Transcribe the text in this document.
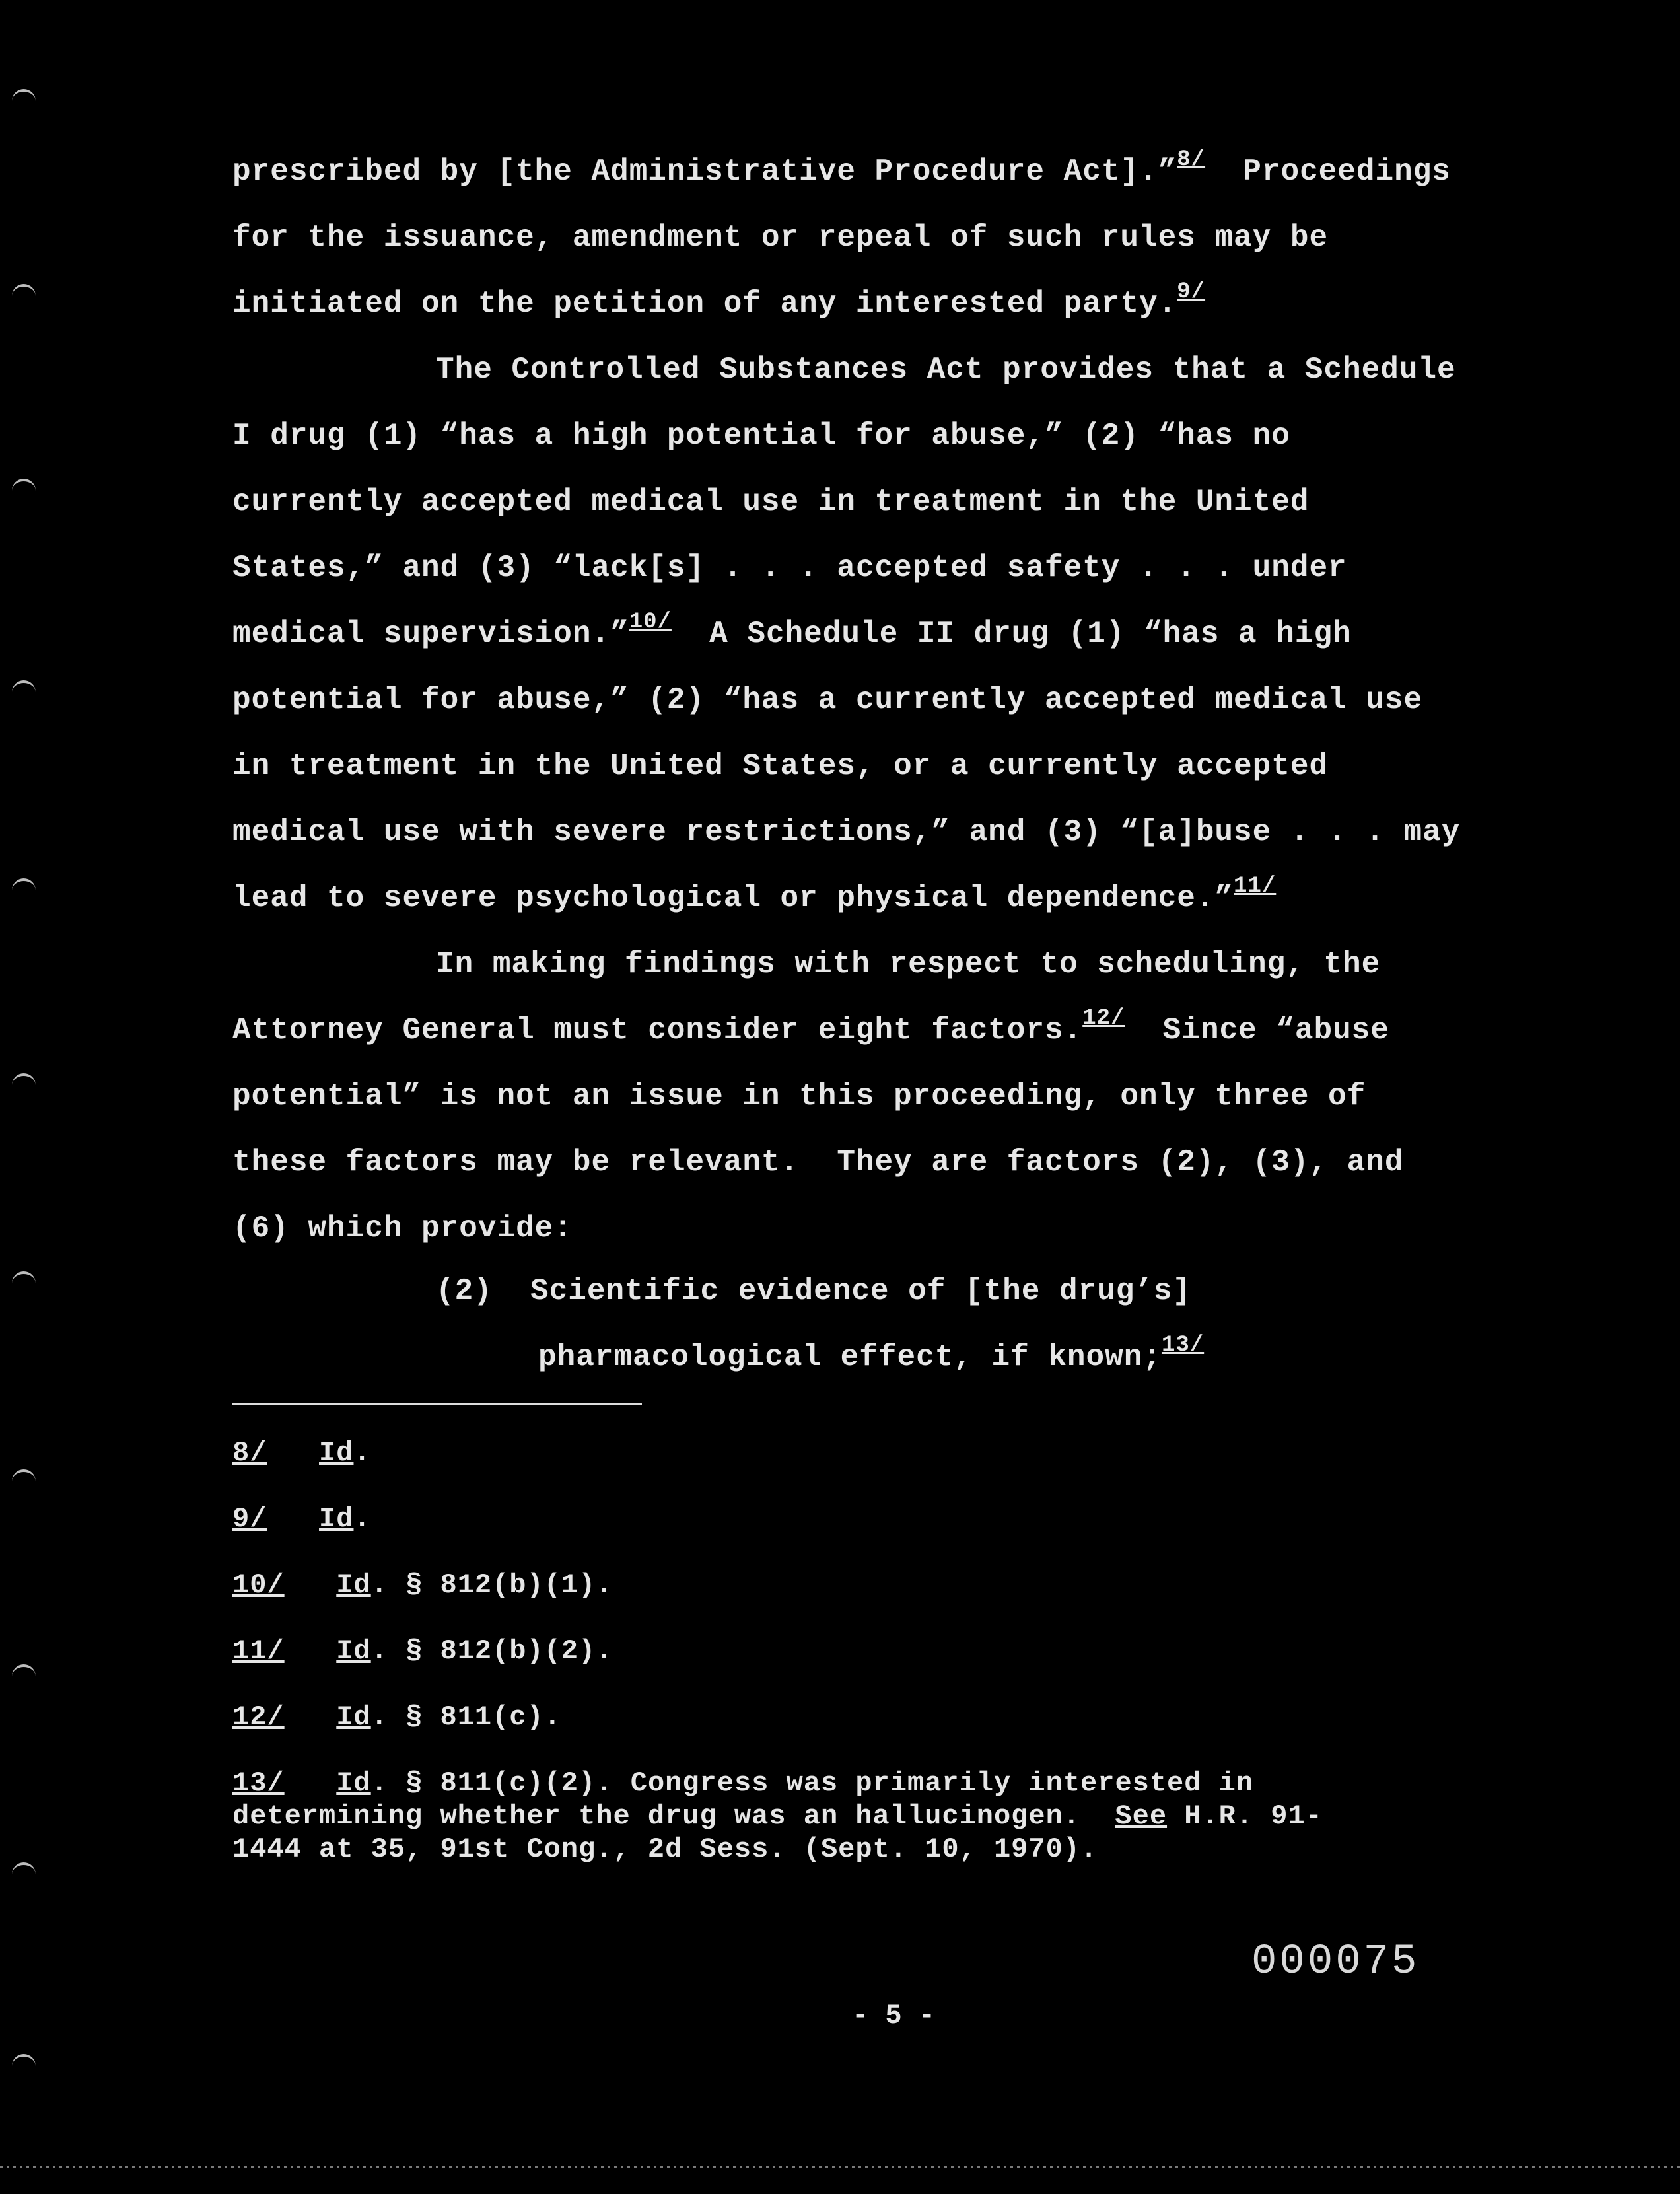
prescribed by [the Administrative Procedure Act].”$^{8/}$  Proceedings
for the issuance, amendment or repeal of such rules may be
initiated on the petition of any interested party.$^{9/}$
The Controlled Substances Act provides that a Schedule
I drug (1) “has a high potential for abuse,” (2) “has no
currently accepted medical use in treatment in the United
States,” and (3) “lack[s] . . . accepted safety . . . under
medical supervision.”$^{10/}$  A Schedule II drug (1) “has a high
potential for abuse,” (2) “has a currently accepted medical use
in treatment in the United States, or a currently accepted
medical use with severe restrictions,” and (3) “[a]buse . . . may
lead to severe psychological or physical dependence.”$^{11/}$
In making findings with respect to scheduling, the
Attorney General must consider eight factors.$^{12/}$  Since “abuse
potential” is not an issue in this proceeding, only three of
these factors may be relevant.  They are factors (2), (3), and
(6) which provide:
(2) Scientific evidence of [the drug’s]
pharmacological effect, if known;$^{13/}$
8/ Id.
9/ Id.
10/ Id. § 812(b)(1).
11/ Id. § 812(b)(2).
12/ Id. § 811(c).
13/ Id. § 811(c)(2). Congress was primarily interested in
determining whether the drug was an hallucinogen.  See H.R. 91-
1444 at 35, 91st Cong., 2d Sess. (Sept. 10, 1970).
000075
- 5 -
